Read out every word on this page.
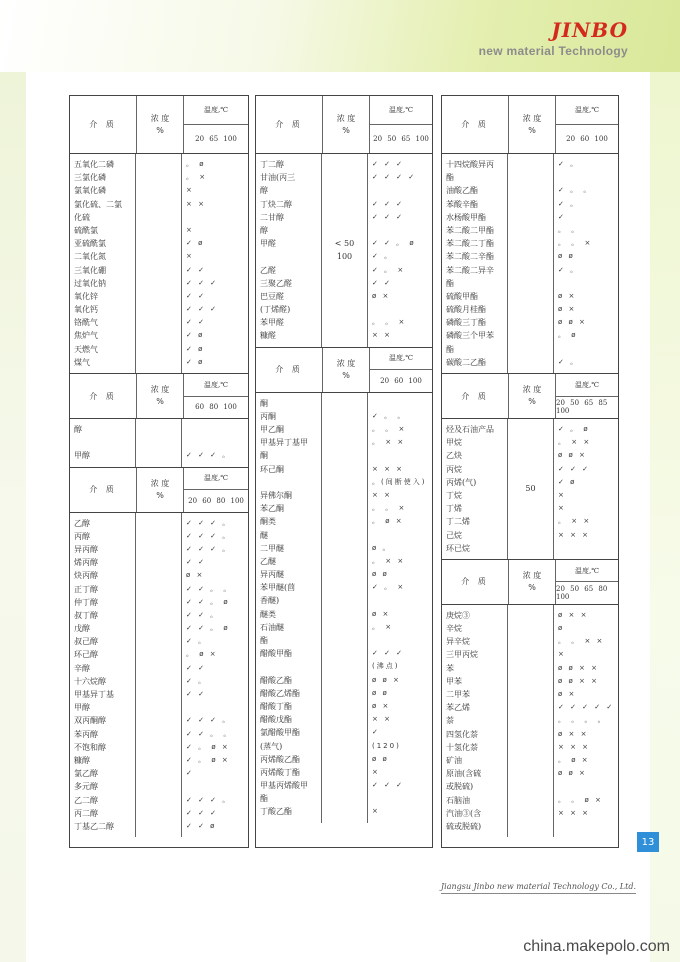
JINBO
new material Technology
介 质
浓 度
%
温度,℃
20 65 100
五氧化二磷
三氯化磷
氯氧化磷
氯化硫、二氯
化硫
硫酰氯
亚硫酰氯
二氧化氮
三氧化硼
过氧化钠
氧化锌
氧化钙
铬酰气
焦炉气
天燃气
煤气
。 ø
。 ×
×
× ×
×
✓ ø
×
✓ ✓
✓ ✓ ✓
✓ ✓
✓ ✓ ✓
✓ ✓
✓ ø
✓ ø
✓ ø
介 质
浓 度
%
温度,℃
60 80 100
醇
甲醇	✓ ✓ ✓ 。
介 质
浓 度
%
温度,℃
20 60 80 100
乙醇
丙醇
异丙醇
烯丙醇
炔丙醇
正丁醇
仲丁醇
叔丁醇
戊醇
叔己醇
环己醇
辛醇
十六烷醇
甲基异丁基
甲醇
双丙酮醇
苯丙醇
不饱和醇
糠醇
氯乙醇
多元醇
乙二醇
丙二醇
丁基乙二醇
✓ ✓ ✓ 。
✓ ✓ ✓ 。
✓ ✓ ✓ 。
✓ ✓
ø ×
✓ ✓ 。 。
✓ ✓ 。 ø
✓ ✓ 。
✓ ✓ 。 ø
✓ 。
。 ø ×
✓ ✓
✓ 。
✓ ✓
✓ ✓ ✓ 。
✓ ✓ 。 。
✓ 。 ø ×
✓ 。 ø ×
✓
✓ ✓ ✓ 。
✓ ✓ ✓
✓ ✓ ø
介 质
浓 度
%
温度,℃
20 50 65 100
丁二醇
甘油(丙三
醇
丁炔二醇
二甘醇
醇
甲醛
乙醛
三聚乙醛
巴豆醛
(丁烯醛)
苯甲醛
糠醛
< 50
100
✓ ✓ ✓
✓ ✓ ✓ ✓
✓ ✓ ✓
✓ ✓ ✓
✓ ✓ 。 ø
✓ 。
✓ 。 ×
✓ ✓
ø ×
。 。 ×
× ×
介 质
浓 度
%
温度,℃
20 60 100
酮
丙酮
甲乙酮
甲基异丁基甲
酮
环己酮
异佛尔酮
苯乙酮
酮类
醚
二甲醚
乙醚
异丙醚
苯甲醚(茴
香醚)
醚类
石油醚
酯
醋酸甲酯
醋酸乙酯
醋酸乙烯酯
醋酸丁酯
醋酸戊酯
氯醋酸甲酯
(蒸气)
丙烯酸乙酯
丙烯酸丁酯
甲基丙烯酸甲
酯
丁酸乙酯
✓ 。 。
。 。 ×
。 × ×
× × ×
。(间断使入)
× ×
。 。 ×
。 ø ×
ø 。
。 × ×
ø ø
✓ 。 ×
ø ×
。 ×
✓ ✓ ✓
(沸点)
ø ø ×
ø ø
ø ×
× ×
✓
(120)
ø ø
×
✓ ✓ ✓
×
介 质
浓 度
%
温度,℃
20 60 100
十四烷酸异丙
酯
油酸乙酯
苯酸辛酯
水杨酸甲酯
苯二酸二甲酯
苯二酸二丁酯
苯二酸二辛酯
苯二酸二异辛
酯
硫酸甲酯
硫酸月桂酯
磷酸三丁酯
磷酸三个甲苯
酯
碳酸二乙酯
✓ 。
✓ 。 。
✓ 。
✓
。 。
。 。 ×
ø ø
✓ 。
ø ×
ø ×
ø ø ×
。 ø
✓ 。
介 质
浓 度
%
温度,℃
20 50 65 85 100
烃及石油产品
甲烷
乙炔
丙烷
丙烯(气)
丁烷
丁烯
丁二烯
己烷
环已烷
50
✓ 。 ø
。 × ×
ø ø ×
✓ ✓ ✓
✓ ø
×
×
。 × ×
× × ×
介 质
浓 度
%
温度,℃
20 50 65 80 100
庚烷③
辛烷
异辛烷
三甲丙烷
苯
甲苯
二甲苯
苯乙烯
萘
四氢化萘
十氢化萘
矿油
原油(含硫
或脱硫)
石脑油
汽油③(含
硫或脱硫)
ø × ×
ø
。 。 × ×
×
ø ø × ×
ø ø × ×
ø ×
✓ ✓ ✓ ✓ ✓
。 。 。 。
ø × ×
× × ×
。 ø ×
ø ø ×
。 。 ø ×
× × ×
13
Jiangsu Jinbo new material Technology Co., Ltd.
china.makepolo.com
